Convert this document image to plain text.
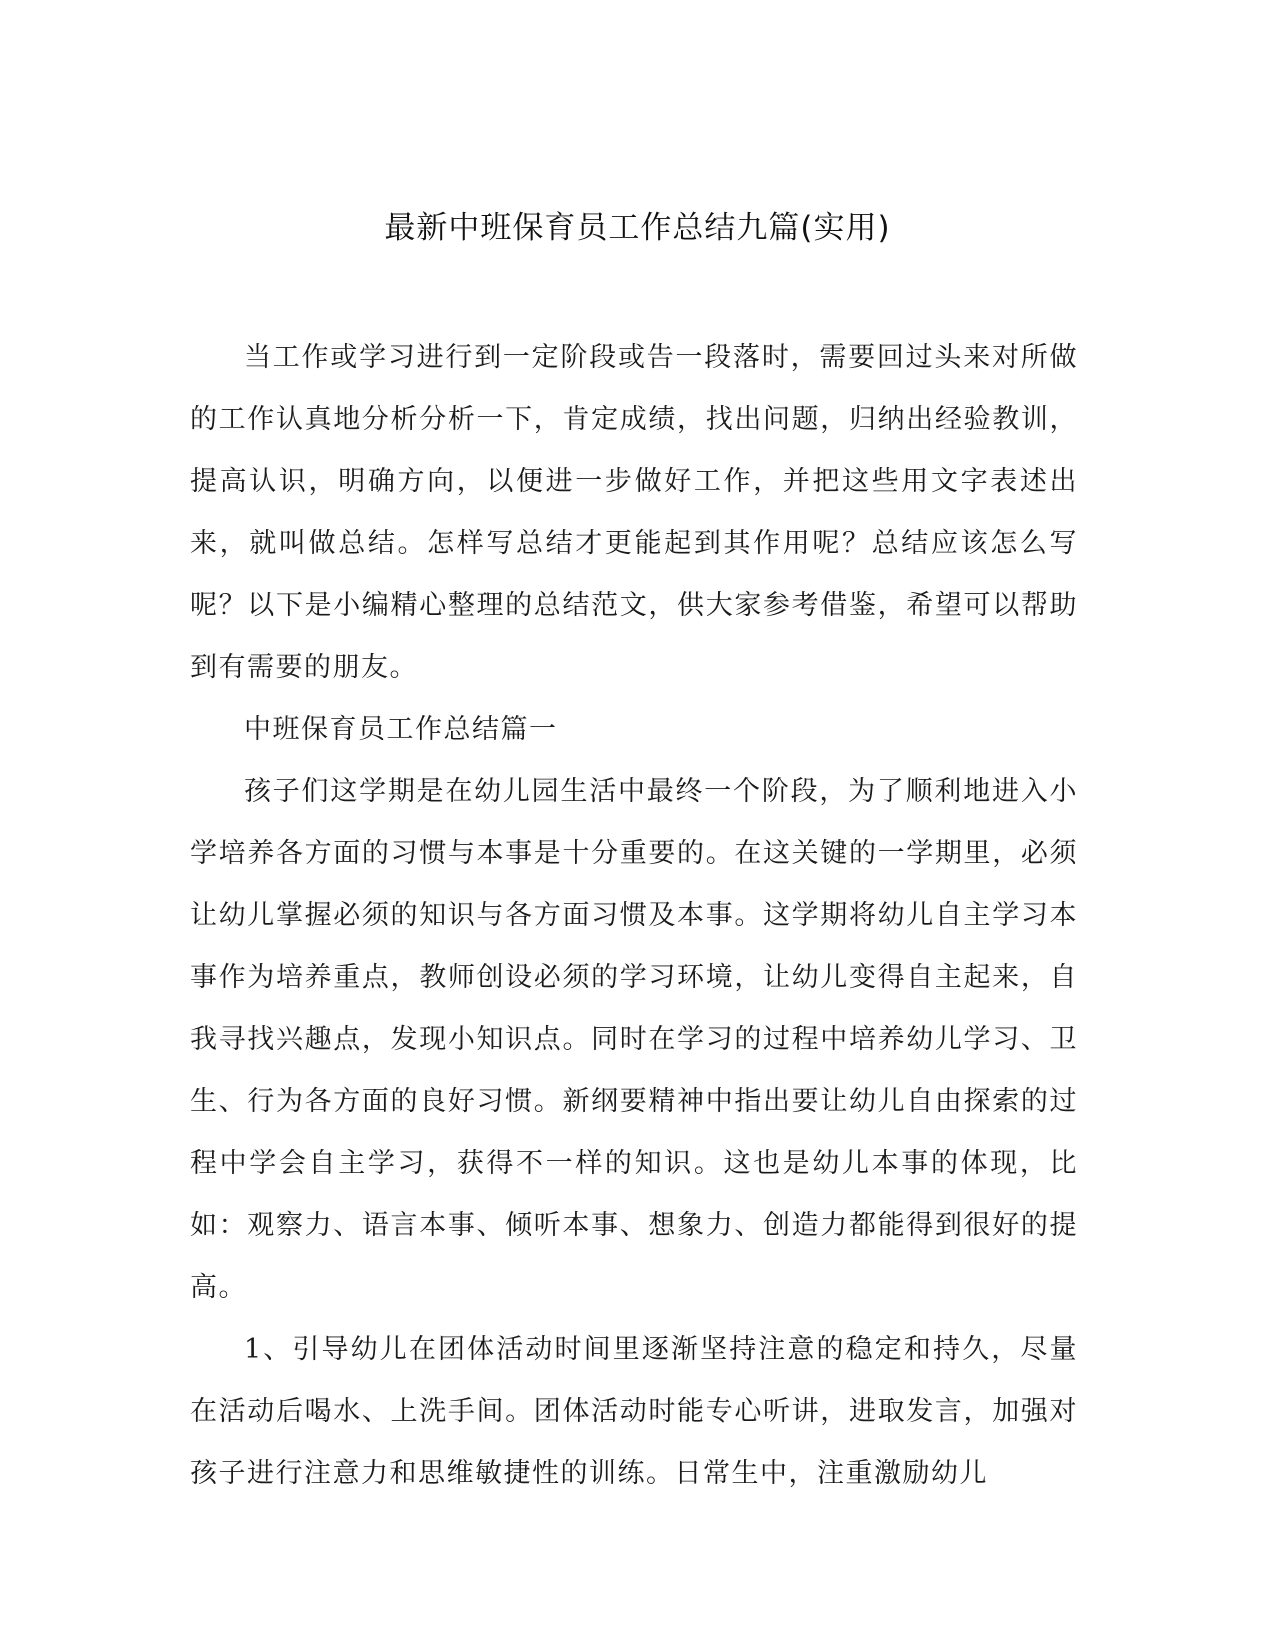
最新中班保育员工作总结九篇(实用)

当工作或学习进行到一定阶段或告一段落时，需要回过头来对所做的工作认真地分析分析一下，肯定成绩，找出问题，归纳出经验教训，提高认识，明确方向，以便进一步做好工作，并把这些用文字表述出来，就叫做总结。怎样写总结才更能起到其作用呢？总结应该怎么写呢？以下是小编精心整理的总结范文，供大家参考借鉴，希望可以帮助到有需要的朋友。

中班保育员工作总结篇一

孩子们这学期是在幼儿园生活中最终一个阶段，为了顺利地进入小学培养各方面的习惯与本事是十分重要的。在这关键的一学期里，必须让幼儿掌握必须的知识与各方面习惯及本事。这学期将幼儿自主学习本事作为培养重点，教师创设必须的学习环境，让幼儿变得自主起来，自我寻找兴趣点，发现小知识点。同时在学习的过程中培养幼儿学习、卫生、行为各方面的良好习惯。新纲要精神中指出要让幼儿自由探索的过程中学会自主学习，获得不一样的知识。这也是幼儿本事的体现，比如：观察力、语言本事、倾听本事、想象力、创造力都能得到很好的提高。

1、引导幼儿在团体活动时间里逐渐坚持注意的稳定和持久，尽量在活动后喝水、上洗手间。团体活动时能专心听讲，进取发言，加强对孩子进行注意力和思维敏捷性的训练。日常生中，注重激励幼儿
